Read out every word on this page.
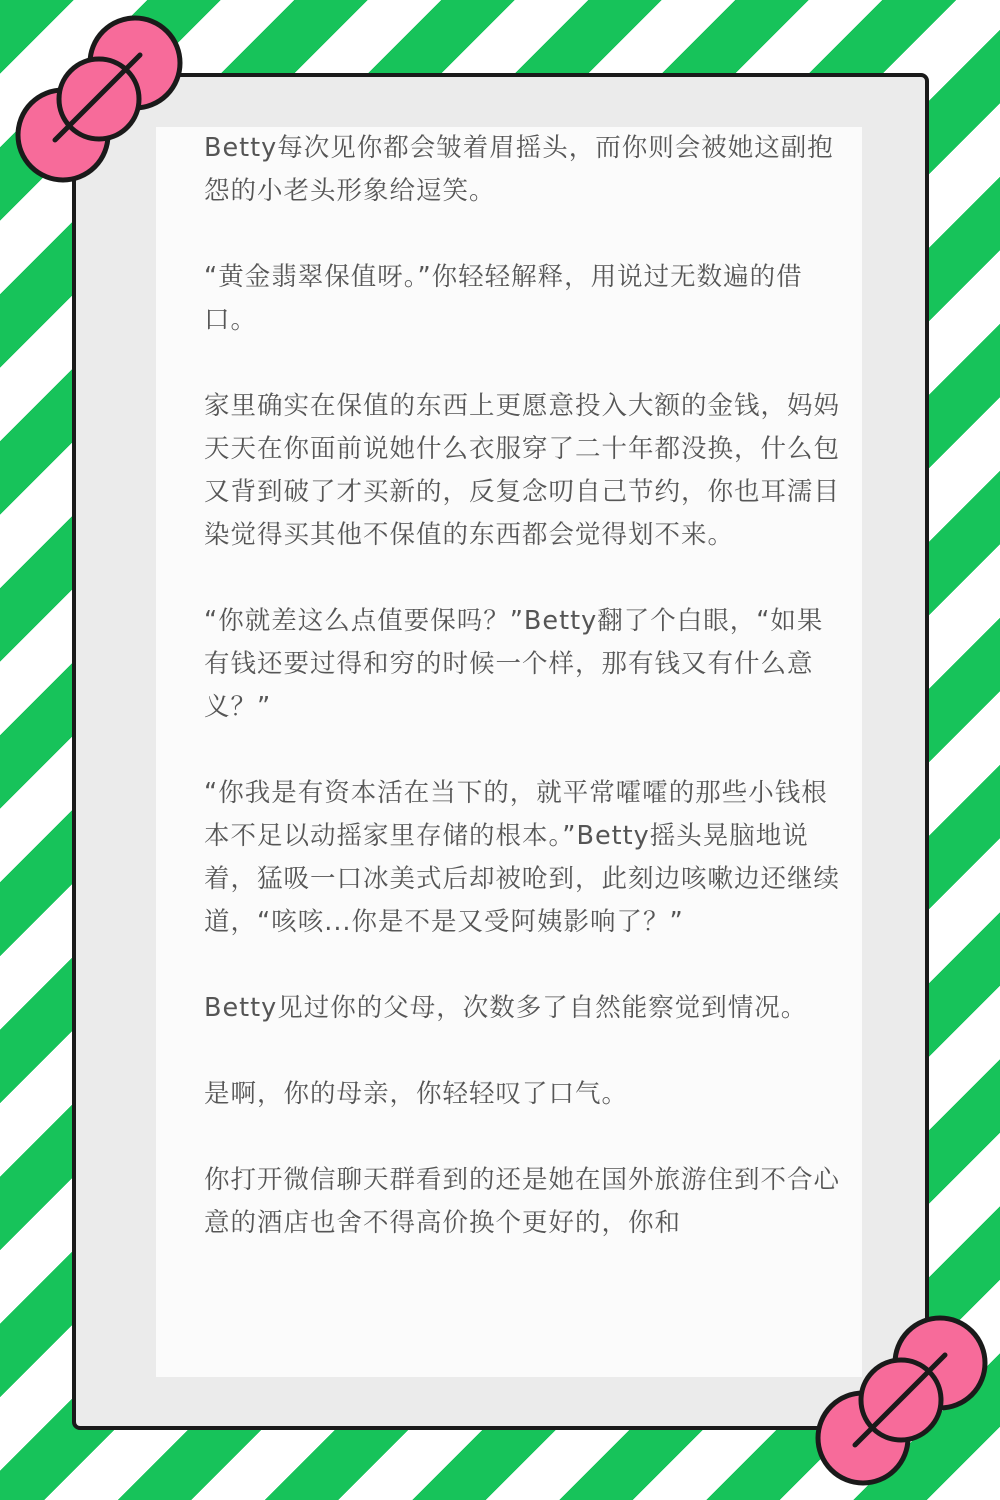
Betty每次见你都会皱着眉摇头，而你则会被她这副抱怨的小老头形象给逗笑。

“黄金翡翠保值呀。”你轻轻解释，用说过无数遍的借口。

家里确实在保值的东西上更愿意投入大额的金钱，妈妈天天在你面前说她什么衣服穿了二十年都没换，什么包又背到破了才买新的，反复念叨自己节约，你也耳濡目染觉得买其他不保值的东西都会觉得划不来。

“你就差这么点值要保吗？”Betty翻了个白眼，“如果有钱还要过得和穷的时候一个样，那有钱又有什么意义？”

“你我是有资本活在当下的，就平常嚯嚯的那些小钱根本不足以动摇家里存储的根本。”Betty摇头晃脑地说着，猛吸一口冰美式后却被呛到，此刻边咳嗽边还继续道，“咳咳...你是不是又受阿姨影响了？”

Betty见过你的父母，次数多了自然能察觉到情况。

是啊，你的母亲，你轻轻叹了口气。

你打开微信聊天群看到的还是她在国外旅游住到不合心意的酒店也舍不得高价换个更好的，你和
